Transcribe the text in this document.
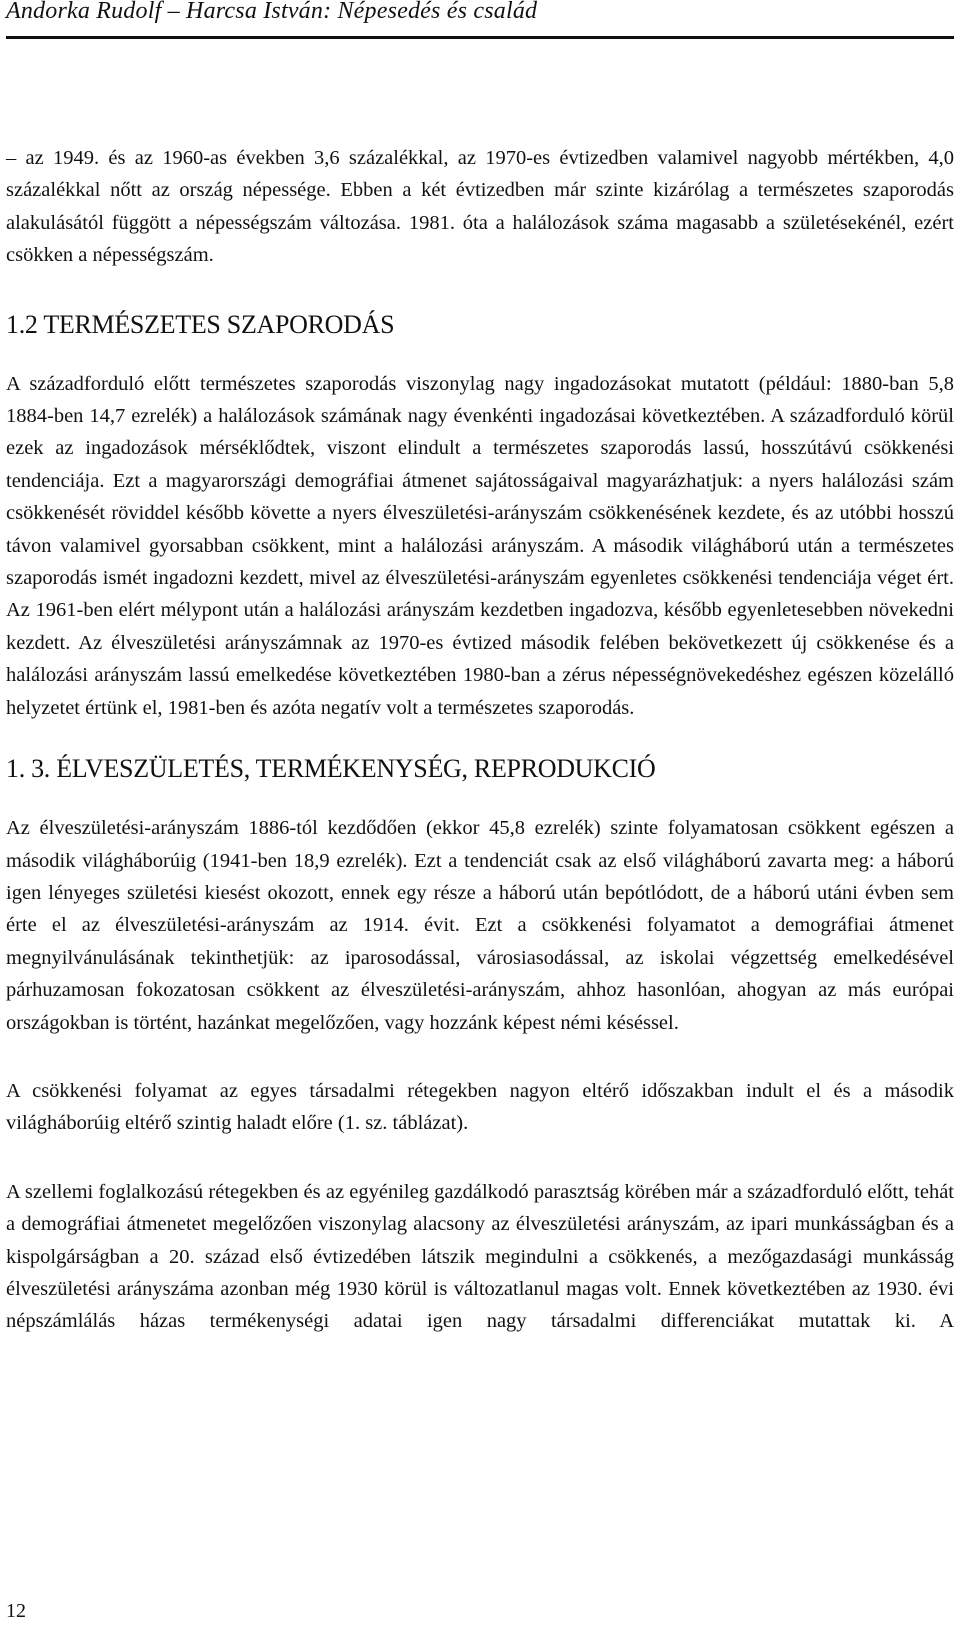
Andorka Rudolf – Harcsa István: Népesedés és család

– az 1949. és az 1960-as években 3,6 százalékkal, az 1970-es évtizedben valamivel nagyobb mértékben, 4,0 százalékkal nőtt az ország népessége. Ebben a két évtizedben már szinte kizárólag a természetes szaporodás alakulásától függött a népességszám változása. 1981. óta a halálozások száma magasabb a születésekénél, ezért csökken a népességszám.

1.2 TERMÉSZETES SZAPORODÁS

A századforduló előtt természetes szaporodás viszonylag nagy ingadozásokat mutatott (például: 1880-ban 5,8 1884-ben 14,7 ezrelék) a halálozások számának nagy évenkénti ingadozásai következtében. A századforduló körül ezek az ingadozások mérséklődtek, viszont elindult a természetes szaporodás lassú, hosszútávú csökkenési tendenciája. Ezt a magyarországi demográfiai átmenet sajátosságaival magyarázhatjuk: a nyers halálozási szám csökkenését röviddel később követte a nyers élveszületési-arányszám csökkenésének kezdete, és az utóbbi hosszú távon valamivel gyorsabban csökkent, mint a halálozási arányszám. A második világháború után a természetes szaporodás ismét ingadozni kezdett, mivel az élveszületési-arányszám egyenletes csökkenési tendenciája véget ért. Az 1961-ben elért mélypont után a halálozási arányszám kezdetben ingadozva, később egyenletesebben növekedni kezdett. Az élveszületési arányszámnak az 1970-es évtized második felében bekövetkezett új csökkenése és a halálozási arányszám lassú emelkedése következtében 1980-ban a zérus népességnövekedéshez egészen közelálló helyzetet értünk el, 1981-ben és azóta negatív volt a természetes szaporodás.

1. 3. ÉLVESZÜLETÉS, TERMÉKENYSÉG, REPRODUKCIÓ

Az élveszületési-arányszám 1886-tól kezdődően (ekkor 45,8 ezrelék) szinte folyamatosan csökkent egészen a második világháborúig (1941-ben 18,9 ezrelék). Ezt a tendenciát csak az első világháború zavarta meg: a háború igen lényeges születési kiesést okozott, ennek egy része a háború után bepótlódott, de a háború utáni évben sem érte el az élveszületési-arányszám az 1914. évit. Ezt a csökkenési folyamatot a demográfiai átmenet megnyilvánulásának tekinthetjük: az iparosodással, városiasodással, az iskolai végzettség emelkedésével párhuzamosan fokozatosan csökkent az élveszületési-arányszám, ahhoz hasonlóan, ahogyan az más európai országokban is történt, hazánkat megelőzően, vagy hozzánk képest némi késéssel.

A csökkenési folyamat az egyes társadalmi rétegekben nagyon eltérő időszakban indult el és a második világháborúig eltérő szintig haladt előre (1. sz. táblázat).

A szellemi foglalkozású rétegekben és az egyénileg gazdálkodó parasztság körében már a századforduló előtt, tehát a demográfiai átmenetet megelőzően viszonylag alacsony az élveszületési arányszám, az ipari munkásságban és a kispolgárságban a 20. század első évtizedében látszik megindulni a csökkenés, a mezőgazdasági munkásság élveszületési arányszáma azonban még 1930 körül is változatlanul magas volt. Ennek következtében az 1930. évi népszámlálás házas termékenységi adatai igen nagy társadalmi differenciákat mutattak ki. A

12
